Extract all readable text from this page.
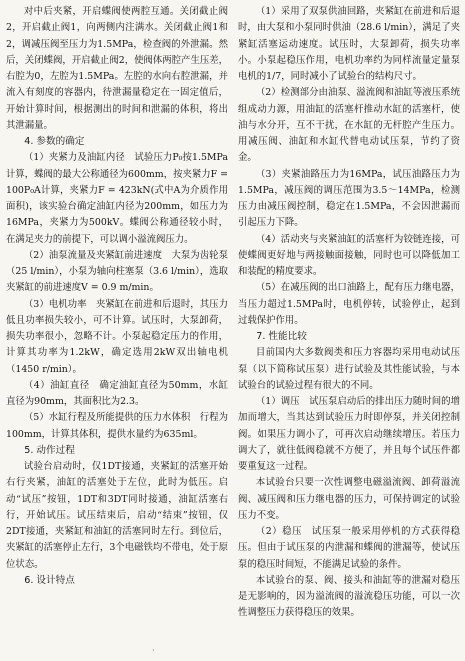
对中后夹紧，开启蝶阀使两腔互通。关闭截止阀2，开启截止阀1，向两侧内注满水。关闭截止阀1和2，调减压阀至压力为1.5MPa，检查阀的外泄漏。然后，关闭蝶阀，开启截止阀2，使阀体两腔产生压差，右腔为0，左腔为1.5MPa。左腔的水向右腔泄漏，并流入有刻度的容器内，待泄漏量稳定在一固定值后，开始计算时间，根据测出的时间和泄漏的体积，将出其泄漏量。

4. 参数的确定

（1）夹紧力及油缸内径　试验压力P₀按1.5MPa计算，蝶阀的最大公称通径为600mm，按夹紧力F = 100P₀A计算，夹紧力F = 423kN(式中A为介质作用面积)，该实验台确定油缸内径为200mm，如压力为16MPa，夹紧力为500kV。蝶阀公称通径较小时，在满足夹力的前提下，可以调小溢流阀压力。

（2）油泵流量及夹紧缸前进速度　大泵为齿轮泵（25 l/min），小泵为轴向柱塞泵（3.6 l/min），选取夹紧缸的前进速度V = 0.9 m/min。

（3）电机功率　夹紧缸在前进和后退时，其压力低且功率损失较小，可不计算。试压时，大泵卸荷，损失功率很小，忽略不计。小泵起稳定压力的作用，计算其功率为1.2kW，确定选用2kW双出轴电机（1450 r/min）。

（4）油缸直径　确定油缸直径为50mm，水缸直径为90mm，其面积比为2.3。

（5）水缸行程及所能提供的压力水体积　行程为100mm，计算其体积，提供水量约为635ml。

5. 动作过程

试验台启动时，仅1DT接通，夹紧缸的活塞开始右行夹紧，油缸的活塞处于左位，此时为低压。启动“试压”按钮，1DT和3DT同时接通，油缸活塞右行，开始试压。试压结束后，启动“结束”按钮，仅2DT接通，夹紧缸和油缸的活塞同时左行。到位后，夹紧缸的活塞停止左行，3个电磁铁均不带电，处于原位状态。

6. 设计特点

（1）采用了双泵供油回路，夹紧缸在前进和后退时，由大泵和小泵同时供油（28.6 l/min），满足了夹紧缸活塞运动速度。试压时，大泵卸荷，损失功率小。小泵起稳压作用，电机功率约为同样流量定量泵电机的1/7，同时减小了试验台的结构尺寸。

（2）检测部分由油泵、溢流阀和油缸等液压系统组成动力源，用油缸的活塞杆推动水缸的活塞杆，使油与水分开，互不干扰，在水缸的无杆腔产生压力。用减压阀、油缸和水缸代替电动试压泵，节约了资金。

（3）夹紧油路压力为16MPa，试压油路压力为1.5MPa，减压阀的调压范围为3.5～14MPa，检测压力由减压阀控制，稳定在1.5MPa，不会因泄漏而引起压力下降。

（4）活动夹与夹紧油缸的活塞杆为铰链连接，可使蝶阀更好地与两接触面接触，同时也可以降低加工和装配的精度要求。

（5）在减压阀的出口油路上，配有压力继电器，当压力超过1.5MPa时，电机停转，试验停止，起到过载保护作用。

7. 性能比较

目前国内大多数阀类和压力容器均采用电动试压泵（以下简称试压泵）进行试验及其性能试验，与本试验台的试验过程有很大的不同。

（1）调压　试压泵启动后的排出压力随时间的增加而增大，当其达到试验压力时即停泵，并关闭控制阀。如果压力调小了，可再次启动继续增压。若压力调大了，就往低阀稳就不方便了，并且每个试压件都要重复这一过程。

本试验台只要一次性调整电磁溢流阀、卸荷溢流阀、减压阀和压力继电器的压力，可保持调定的试验压力不变。

（2）稳压　试压泵一般采用停机的方式获得稳压。但由于试压泵的内泄漏和蝶阀的泄漏等，使试压泵的稳压时间短，不能满足试验的条件。

本试验台的泵、阀、接头和油缸等的泄漏对稳压是无影响的，因为溢流阀的溢流稳压功能，可以一次性调整压力获得稳压的效果。

·
